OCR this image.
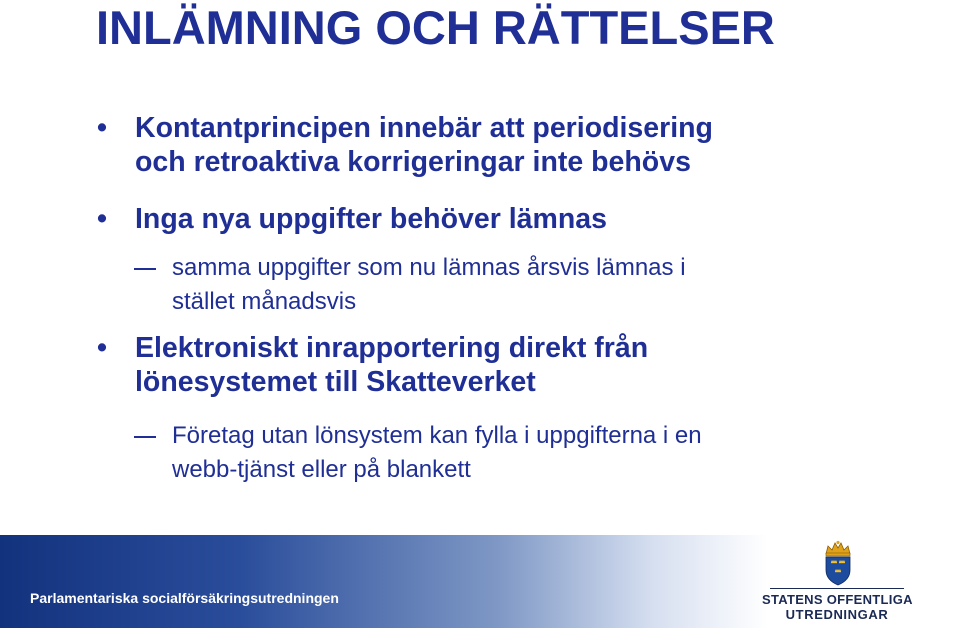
INLÄMNING OCH RÄTTELSER
• Kontantprincipen innebär att periodisering
och retroaktiva korrigeringar inte behövs
• Inga nya uppgifter behöver lämnas
samma uppgifter som nu lämnas årsvis lämnas i
stället månadsvis
• Elektroniskt inrapportering direkt från
lönesystemet till Skatteverket
Företag utan lönsystem kan fylla i uppgifterna i en
webb-tjänst eller på blankett
Parlamentariska socialförsäkringsutredningen	STATENS OFFENTLIGA
UTREDNINGAR
